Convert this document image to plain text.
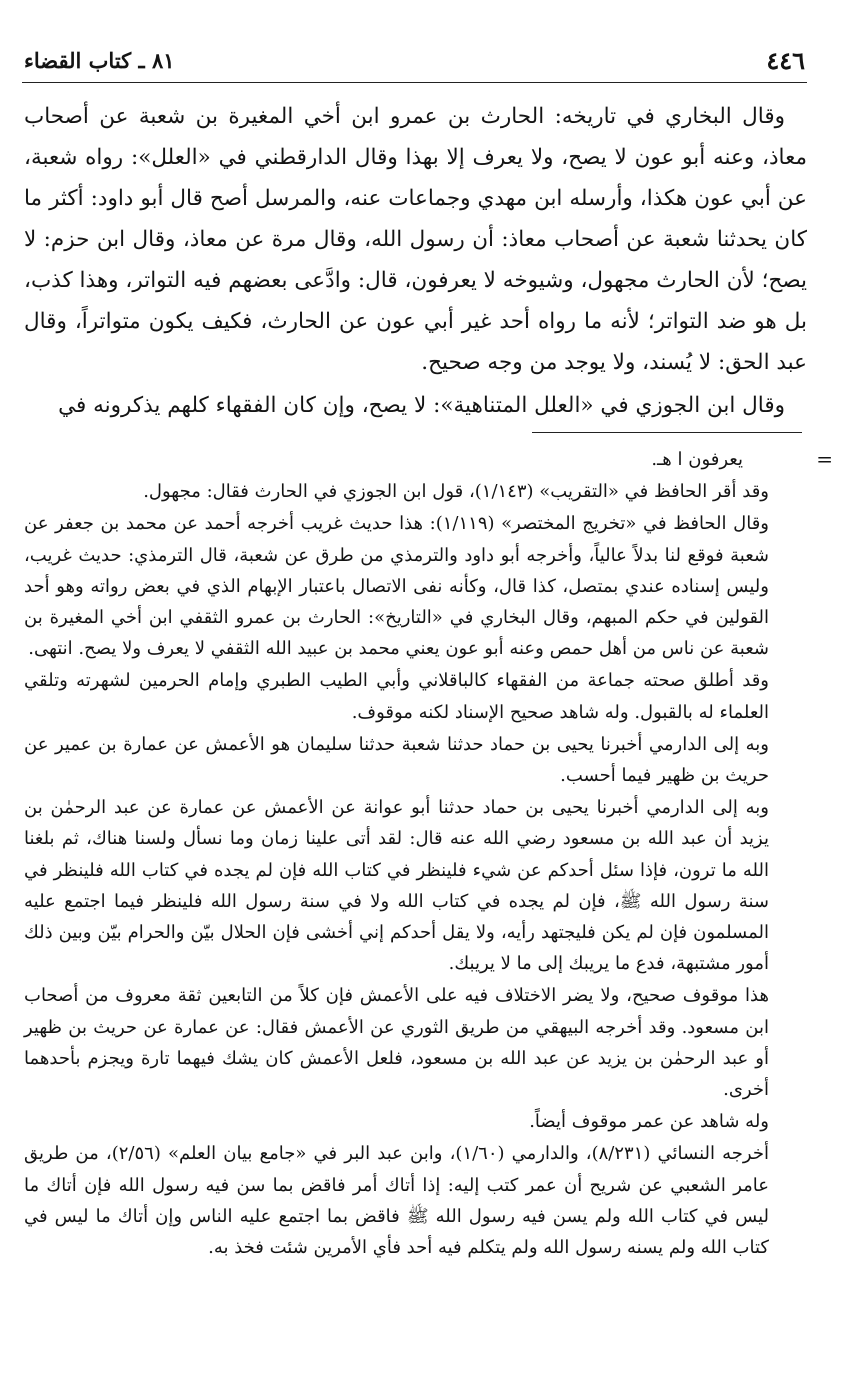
٤٤٦
٨١ ـ كتاب القضاء

وقال البخاري في تاريخه: الحارث بن عمرو ابن أخي المغيرة بن شعبة عن أصحاب معاذ، وعنه أبو عون لا يصح، ولا يعرف إلا بهذا وقال الدارقطني في «العلل»: رواه شعبة، عن أبي عون هكذا، وأرسله ابن مهدي وجماعات عنه، والمرسل أصح قال أبو داود: أكثر ما كان يحدثنا شعبة عن أصحاب معاذ: أن رسول الله، وقال مرة عن معاذ، وقال ابن حزم: لا يصح؛ لأن الحارث مجهول، وشيوخه لا يعرفون، قال: وادَّعى بعضهم فيه التواتر، وهذا كذب، بل هو ضد التواتر؛ لأنه ما رواه أحد غير أبي عون عن الحارث، فكيف يكون متواتراً، وقال عبد الحق: لا يُسند، ولا يوجد من وجه صحيح.

وقال ابن الجوزي في «العلل المتناهية»: لا يصح، وإن كان الفقهاء كلهم يذكرونه في

=

يعرفون ا هـ.

وقد أقر الحافظ في «التقريب» (١/١٤٣)، قول ابن الجوزي في الحارث فقال: مجهول.

وقال الحافظ في «تخريج المختصر» (١/١١٩): هذا حديث غريب أخرجه أحمد عن محمد بن جعفر عن شعبة فوقع لنا بدلاً عالياً، وأخرجه أبو داود والترمذي من طرق عن شعبة، قال الترمذي: حديث غريب، وليس إسناده عندي بمتصل، كذا قال، وكأنه نفى الاتصال باعتبار الإبهام الذي في بعض رواته وهو أحد القولين في حكم المبهم، وقال البخاري في «التاريخ»: الحارث بن عمرو الثقفي ابن أخي المغيرة بن شعبة عن ناس من أهل حمص وعنه أبو عون يعني محمد بن عبيد الله الثقفي لا يعرف ولا يصح. انتهى.

وقد أطلق صحته جماعة من الفقهاء كالباقلاني وأبي الطيب الطبري وإمام الحرمين لشهرته وتلقي العلماء له بالقبول. وله شاهد صحيح الإسناد لكنه موقوف.

وبه إلى الدارمي أخبرنا يحيى بن حماد حدثنا شعبة حدثنا سليمان هو الأعمش عن عمارة بن عمير عن حريث بن ظهير فيما أحسب.

وبه إلى الدارمي أخبرنا يحيى بن حماد حدثنا أبو عوانة عن الأعمش عن عمارة عن عبد الرحمٰن بن يزيد أن عبد الله بن مسعود رضي الله عنه قال: لقد أتى علينا زمان وما نسأل ولسنا هناك، ثم بلغنا الله ما ترون، فإذا سئل أحدكم عن شيء فلينظر في كتاب الله فإن لم يجده في كتاب الله فلينظر في سنة رسول الله ﷺ، فإن لم يجده في كتاب الله ولا في سنة رسول الله فلينظر فيما اجتمع عليه المسلمون فإن لم يكن فليجتهد رأيه، ولا يقل أحدكم إني أخشى فإن الحلال بيّن والحرام بيّن وبين ذلك أمور مشتبهة، فدع ما يريبك إلى ما لا يريبك.

هذا موقوف صحيح، ولا يضر الاختلاف فيه على الأعمش فإن كلاً من التابعين ثقة معروف من أصحاب ابن مسعود. وقد أخرجه البيهقي من طريق الثوري عن الأعمش فقال: عن عمارة عن حريث بن ظهير أو عبد الرحمٰن بن يزيد عن عبد الله بن مسعود، فلعل الأعمش كان يشك فيهما تارة ويجزم بأحدهما أخرى.

وله شاهد عن عمر موقوف أيضاً.

أخرجه النسائي (٨/٢٣١)، والدارمي (١/٦٠)، وابن عبد البر في «جامع بيان العلم» (٢/٥٦)، من طريق عامر الشعبي عن شريح أن عمر كتب إليه: إذا أتاك أمر فاقض بما سن فيه رسول الله فإن أتاك ما ليس في كتاب الله ولم يسن فيه رسول الله ﷺ فاقض بما اجتمع عليه الناس وإن أتاك ما ليس في كتاب الله ولم يسنه رسول الله ولم يتكلم فيه أحد فأي الأمرين شئت فخذ به.
